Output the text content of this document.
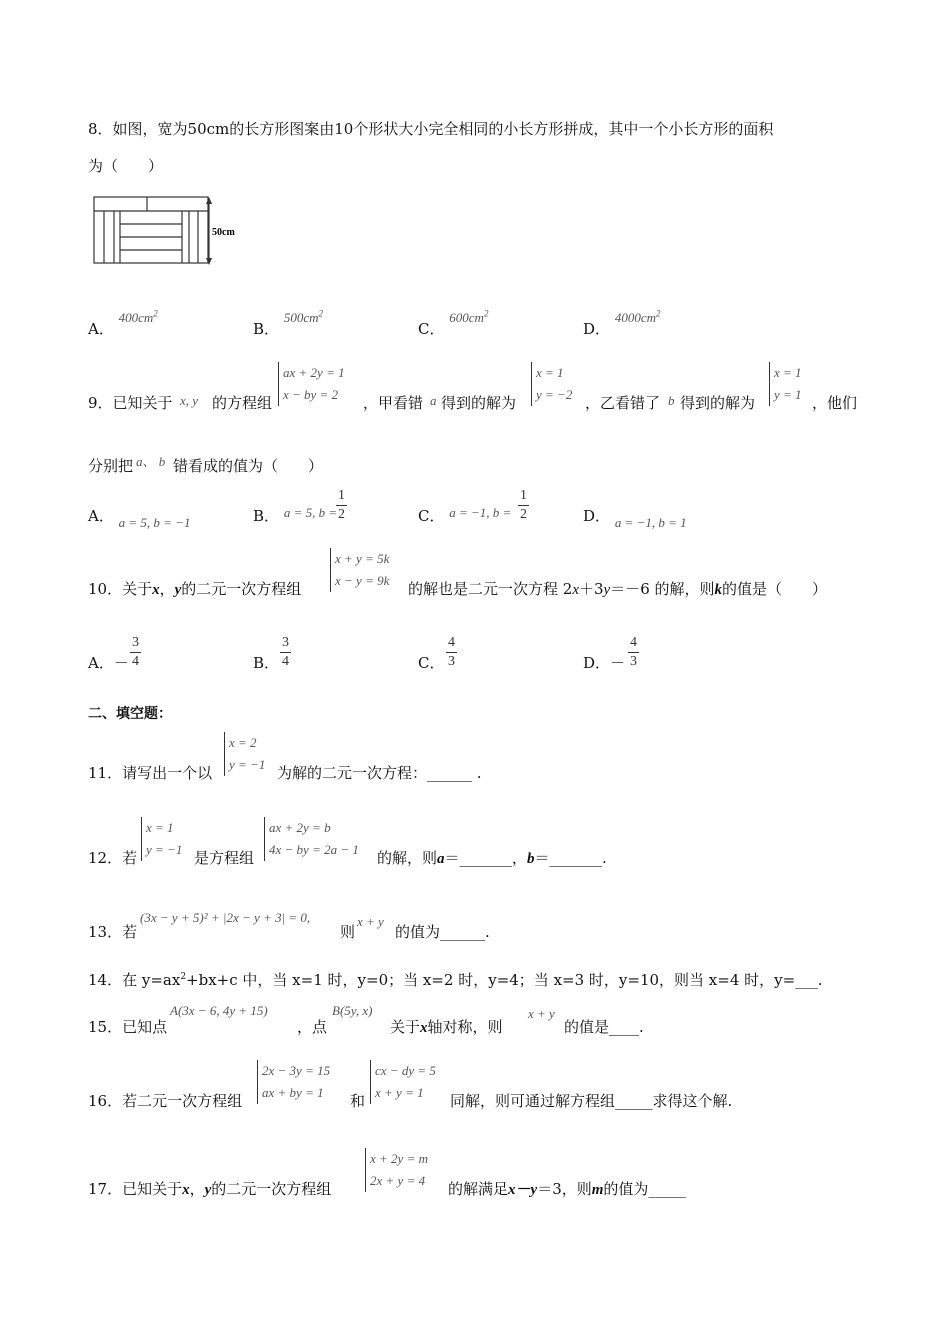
8．如图，宽为50cm的长方形图案由10个形状大小完全相同的小长方形拼成，其中一个小长方形的面积
为（　　）
50cm
A． $400cm^2$
B． $500cm^2$
C． $600cm^2$
D． $4000cm^2$
9．已知关于 x, y 的方程组
ax + 2y = 1
x − by = 2	，甲看错 a 得到的解为
x = 1
y = −2 ，乙看错了 b 得到的解为
x = 1
y = 1 ，他们
分别把 a、 b 错看成的值为（　　）
A． a = 5, b = −1	B． a = 5, b =
$\frac{1}{2}$	C． a = −1, $b = \frac{1}{2}$	D． a = −1, b = 1
10．关于x，y的二元一次方程组
x + y = 5k
x − y = 9k 的解也是二元一次方程 2x＋3y＝－6 的解，则k的值是（　　）
A．－ $\frac{3}{4}$	B． $\frac{3}{4}$	C． $\frac{4}{3}$	D．－ $\frac{4}{3}$
二、填空题：
11．请写出一个以
x = 2
y = −1 为解的二元一次方程：______ .
12．若
x = 1
y = −1 是方程组
ax + 2y = b
4x − by = 2a − 1 的解，则a＝_______，b＝_______.
13．若
(3x − y + 5)² + |2x − y + 3| = 0,
则
x + y
的值为______.
14．在 $y=ax^2+bx+c$ 中，当 x=1 时，y=0；当 x=2 时，y=4；当 x=3 时，y=10，则当 x=4 时，y=___.
15．已知点
A(3x − 6, 4y + 15)
，点
B(5y, x)
关于x轴对称，则
x + y
的值是____.
16．若二元一次方程组
2x − 3y = 15
ax + by = 1	和
cx − dy = 5
x + y = 1	同解，则可通过解方程组_____求得这个解.
17．已知关于x，y的二元一次方程组
x + 2y = m
2x + y = 4 的解满足x－y＝3，则m的值为_____
